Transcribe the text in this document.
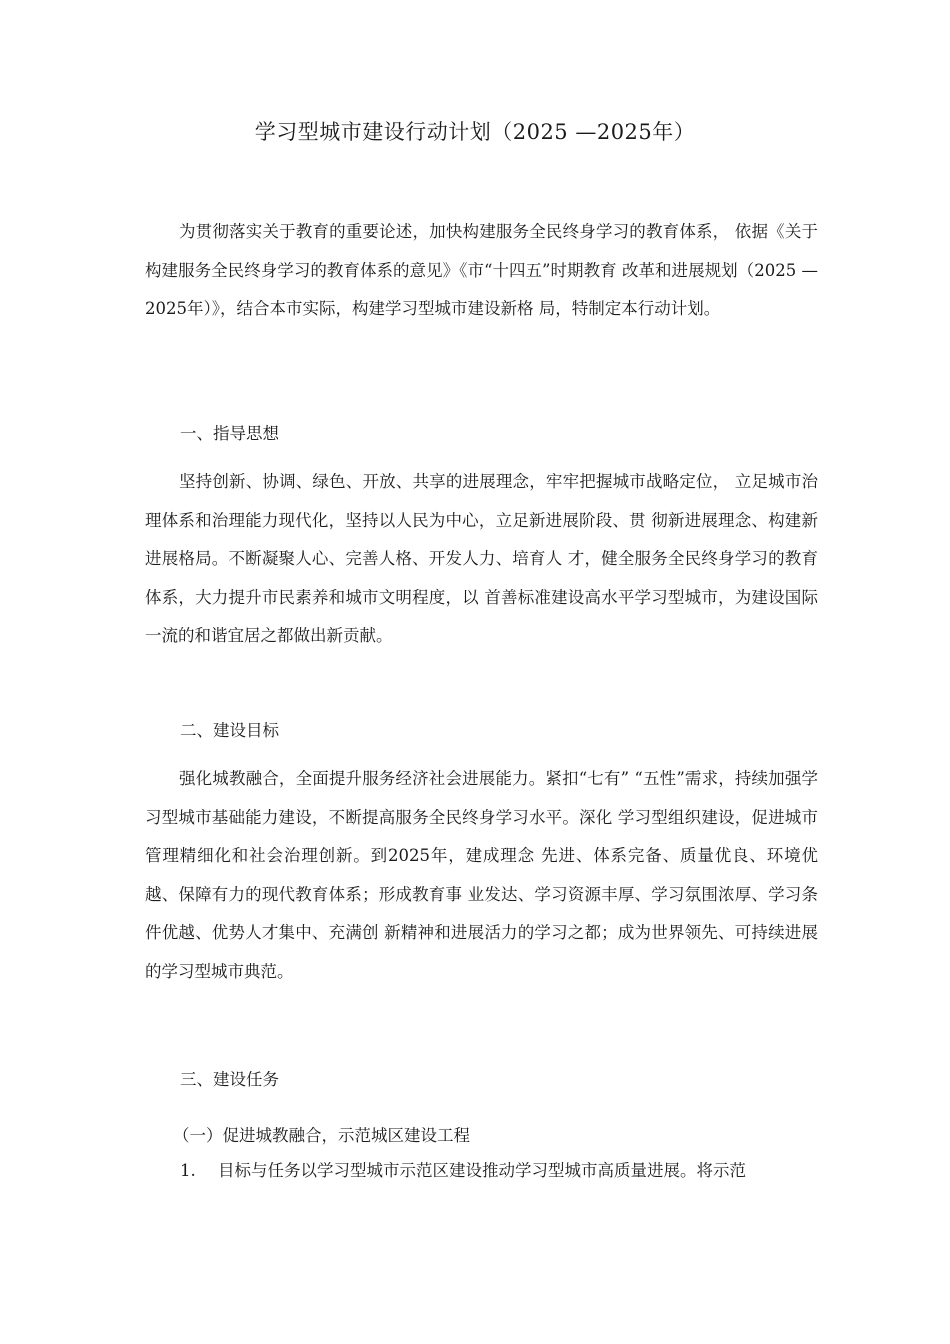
学习型城市建设行动计划（2025 —2025年）

为贯彻落实关于教育的重要论述，加快构建服务全民终身学习的教育体系， 依据《关于构建服务全民终身学习的教育体系的意见》《市“十四五”时期教育 改革和进展规划（2025 —2025年）》，结合本市实际，构建学习型城市建设新格 局，特制定本行动计划。

一、指导思想

坚持创新、协调、绿色、开放、共享的进展理念，牢牢把握城市战略定位， 立足城市治理体系和治理能力现代化，坚持以人民为中心，立足新进展阶段、贯 彻新进展理念、构建新进展格局。不断凝聚人心、完善人格、开发人力、培育人 才，健全服务全民终身学习的教育体系，大力提升市民素养和城市文明程度，以 首善标准建设高水平学习型城市，为建设国际一流的和谐宜居之都做出新贡献。

二、建设目标

强化城教融合，全面提升服务经济社会进展能力。紧扣“七有” “五性”需求，持续加强学习型城市基础能力建设，不断提高服务全民终身学习水平。深化 学习型组织建设，促进城市管理精细化和社会治理创新。到2025年，建成理念 先进、体系完备、质量优良、环境优越、保障有力的现代教育体系；形成教育事 业发达、学习资源丰厚、学习氛围浓厚、学习条件优越、优势人才集中、充满创 新精神和进展活力的学习之都；成为世界领先、可持续进展的学习型城市典范。

三、建设任务

（一）促进城教融合，示范城区建设工程

1. 目标与任务以学习型城市示范区建设推动学习型城市高质量进展。将示范
